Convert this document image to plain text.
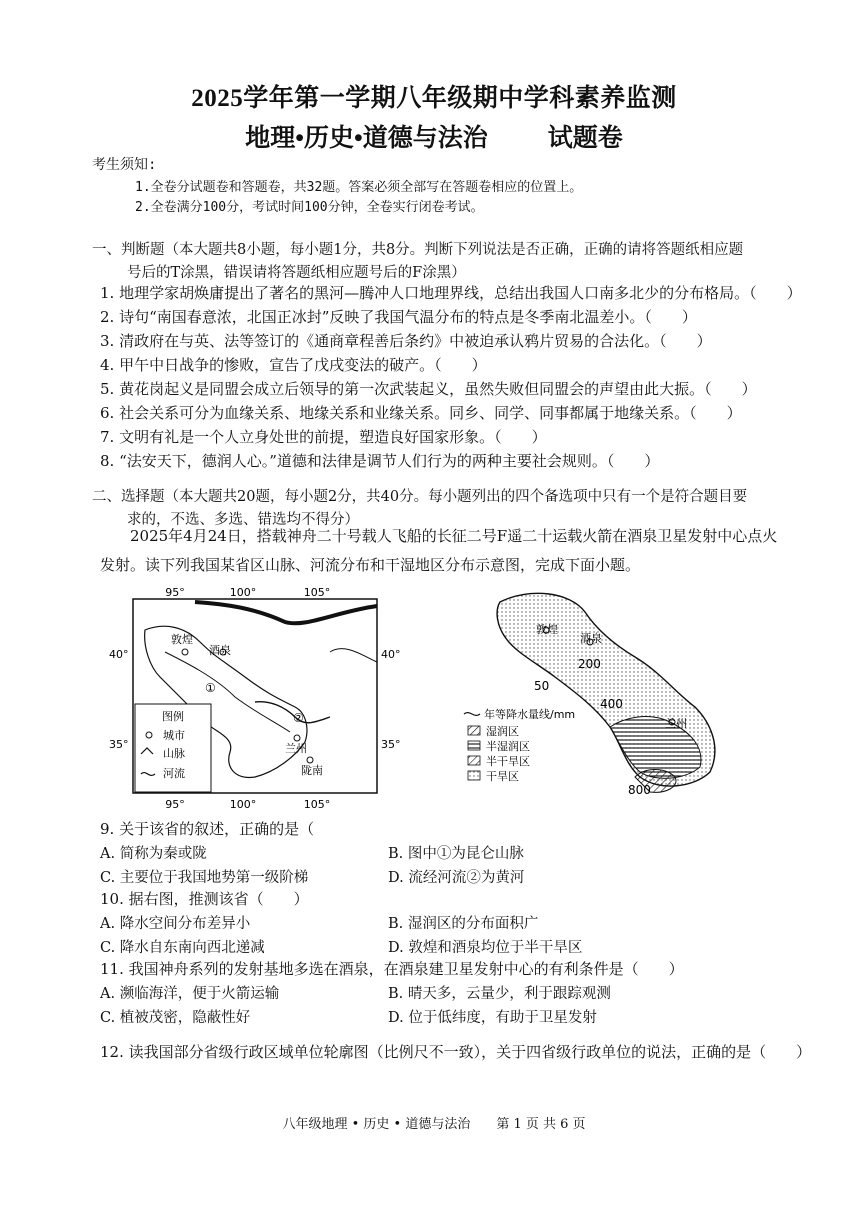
2025学年第一学期八年级期中学科素养监测
地理•历史•道德与法治 试题卷
考生须知:
1.全卷分试题卷和答题卷，共32题。答案必须全部写在答题卷相应的位置上。
2.全卷满分100分，考试时间100分钟，全卷实行闭卷考试。
一、判断题（本大题共8小题，每小题1分，共8分。判断下列说法是否正确，正确的请将答题纸相应题
号后的T涂黑，错误请将答题纸相应题号后的F涂黑）
1. 地理学家胡焕庸提出了著名的黑河—腾冲人口地理界线，总结出我国人口南多北少的分布格局。（　　）
2. 诗句“南国春意浓，北国正冰封”反映了我国气温分布的特点是冬季南北温差小。（　　）
3. 清政府在与英、法等签订的《通商章程善后条约》中被迫承认鸦片贸易的合法化。（　　）
4. 甲午中日战争的惨败，宣告了戊戌变法的破产。（　　）
5. 黄花岗起义是同盟会成立后领导的第一次武装起义，虽然失败但同盟会的声望由此大振。（　　）
6. 社会关系可分为血缘关系、地缘关系和业缘关系。同乡、同学、同事都属于地缘关系。（　　）
7. 文明有礼是一个人立身处世的前提，塑造良好国家形象。（　　）
8. “法安天下，德润人心。”道德和法律是调节人们行为的两种主要社会规则。（　　）
二、选择题（本大题共20题，每小题2分，共40分。每小题列出的四个备选项中只有一个是符合题目要
求的，不选、多选、错选均不得分）
2025年4月24日，搭载神舟二十号载人飞船的长征二号F遥二十运载火箭在酒泉卫星发射中心点火发射。读下列我国某省区山脉、河流分布和干湿地区分布示意图，完成下面小题。
95°	100°	105°
95°	100°	105°
40°
35°
40°
35°
敦煌
酒泉
兰州
陇南
①
②
图例
城市
山脉
河流
敦煌
酒泉
兰州
50
200
400
800
年等降水量线/mm
湿润区
半湿润区
半干旱区
干旱区
9. 关于该省的叙述，正确的是（
A. 简称为秦或陇	B. 图中①为昆仑山脉
C. 主要位于我国地势第一级阶梯	D. 流经河流②为黄河
10. 据右图，推测该省（　　）
A. 降水空间分布差异小	B. 湿润区的分布面积广
C. 降水自东南向西北递减	D. 敦煌和酒泉均位于半干旱区
11. 我国神舟系列的发射基地多选在酒泉，在酒泉建卫星发射中心的有利条件是（　　）
A. 濒临海洋，便于火箭运输	B. 晴天多，云量少，利于跟踪观测
C. 植被茂密，隐蔽性好	D. 位于低纬度，有助于卫星发射
12. 读我国部分省级行政区域单位轮廓图（比例尺不一致），关于四省级行政单位的说法，正确的是（　　）
八年级地理 • 历史 • 道德与法治　　第 1 页 共 6 页
